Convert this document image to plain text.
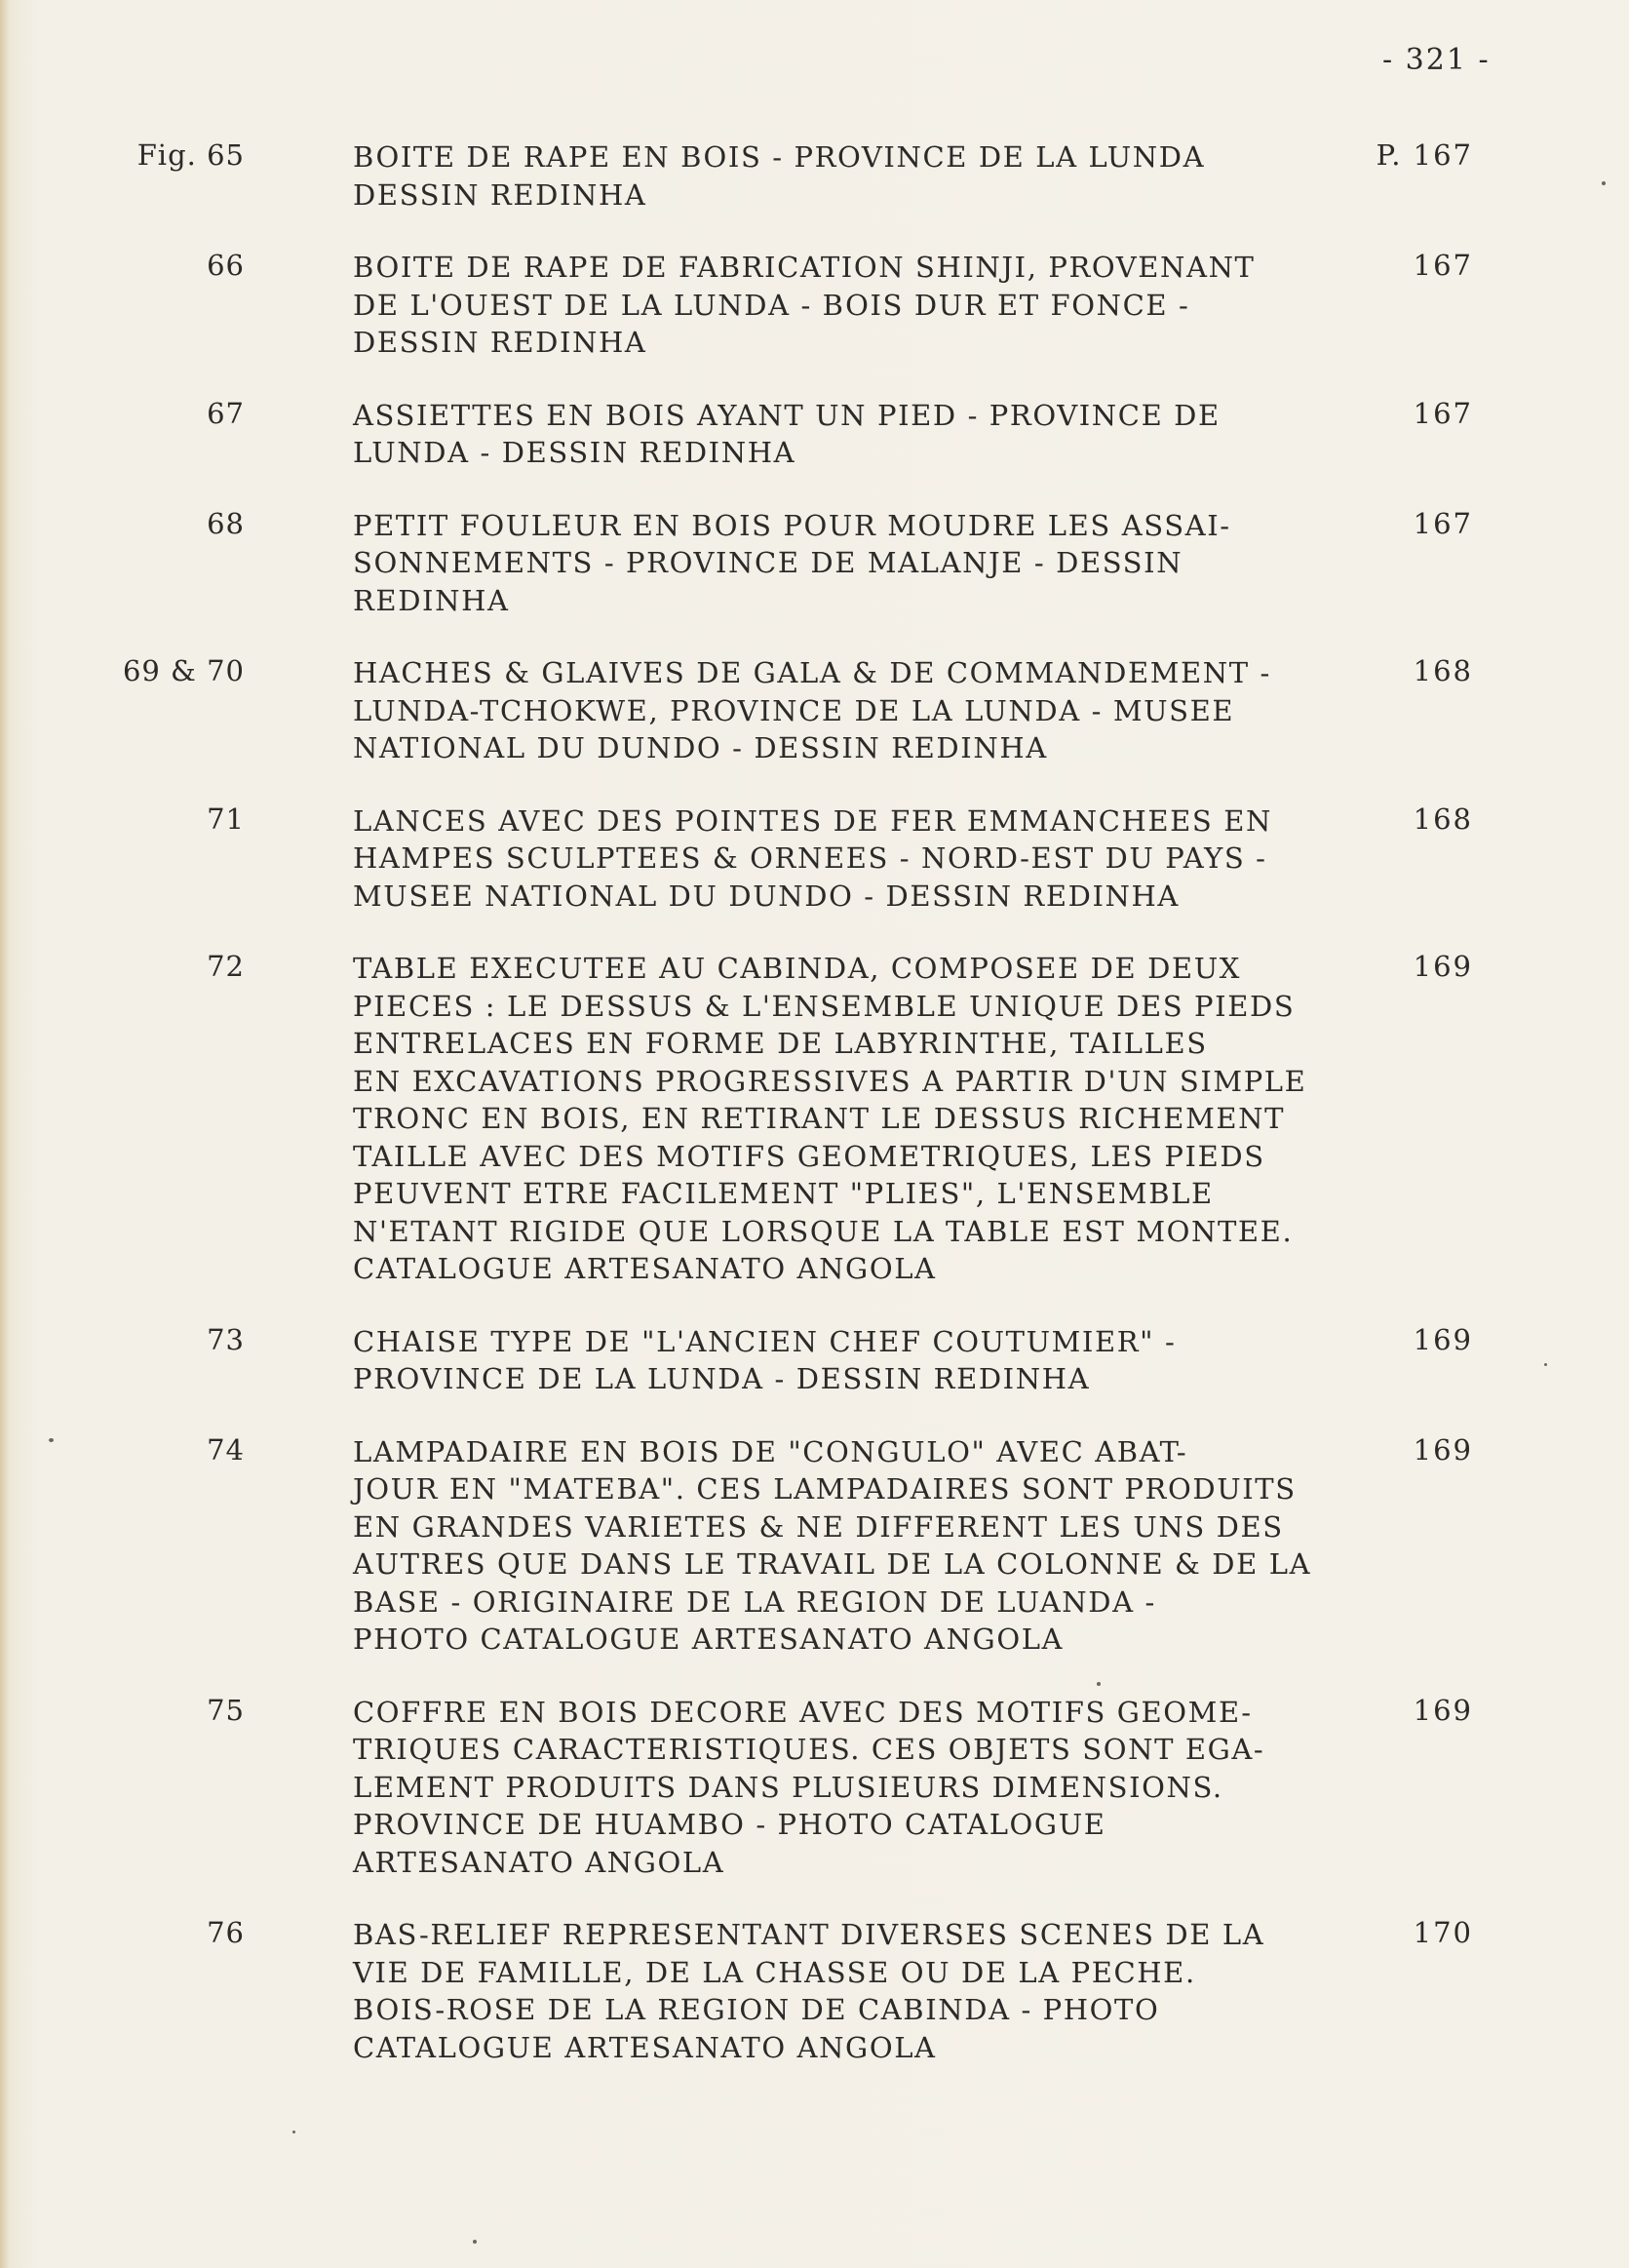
- 321 -
Fig. 65	BOITE DE RAPE EN BOIS - PROVINCE DE LA LUNDA
DESSIN REDINHA
P. 167
66	BOITE DE RAPE DE FABRICATION SHINJI, PROVENANT
DE L'OUEST DE LA LUNDA - BOIS DUR ET FONCE -
DESSIN REDINHA
167
67	ASSIETTES EN BOIS AYANT UN PIED - PROVINCE DE
LUNDA - DESSIN REDINHA
167
68	PETIT FOULEUR EN BOIS POUR MOUDRE LES ASSAI-
SONNEMENTS - PROVINCE DE MALANJE - DESSIN
REDINHA
167
69 & 70	HACHES & GLAIVES DE GALA & DE COMMANDEMENT -
LUNDA-TCHOKWE, PROVINCE DE LA LUNDA - MUSEE
NATIONAL DU DUNDO - DESSIN REDINHA
168
71	LANCES AVEC DES POINTES DE FER EMMANCHEES EN
HAMPES SCULPTEES & ORNEES - NORD-EST DU PAYS -
MUSEE NATIONAL DU DUNDO - DESSIN REDINHA
168
72	TABLE EXECUTEE AU CABINDA, COMPOSEE DE DEUX
PIECES : LE DESSUS & L'ENSEMBLE UNIQUE DES PIEDS
ENTRELACES EN FORME DE LABYRINTHE, TAILLES
EN EXCAVATIONS PROGRESSIVES A PARTIR D'UN SIMPLE
TRONC EN BOIS, EN RETIRANT LE DESSUS RICHEMENT
TAILLE AVEC DES MOTIFS GEOMETRIQUES, LES PIEDS
PEUVENT ETRE FACILEMENT "PLIES", L'ENSEMBLE
N'ETANT RIGIDE QUE LORSQUE LA TABLE EST MONTEE.
CATALOGUE ARTESANATO ANGOLA
169
73	CHAISE TYPE DE "L'ANCIEN CHEF COUTUMIER" -
PROVINCE DE LA LUNDA - DESSIN REDINHA
169
74	LAMPADAIRE EN BOIS DE "CONGULO" AVEC ABAT-
JOUR EN "MATEBA". CES LAMPADAIRES SONT PRODUITS
EN GRANDES VARIETES & NE DIFFERENT LES UNS DES
AUTRES QUE DANS LE TRAVAIL DE LA COLONNE & DE LA
BASE - ORIGINAIRE DE LA REGION DE LUANDA -
PHOTO CATALOGUE ARTESANATO ANGOLA
169
75	COFFRE EN BOIS DECORE AVEC DES MOTIFS GEOME-
TRIQUES CARACTERISTIQUES. CES OBJETS SONT EGA-
LEMENT PRODUITS DANS PLUSIEURS DIMENSIONS.
PROVINCE DE HUAMBO - PHOTO CATALOGUE
ARTESANATO ANGOLA
169
76	BAS-RELIEF REPRESENTANT DIVERSES SCENES DE LA
VIE DE FAMILLE, DE LA CHASSE OU DE LA PECHE.
BOIS-ROSE DE LA REGION DE CABINDA - PHOTO
CATALOGUE ARTESANATO ANGOLA
170
